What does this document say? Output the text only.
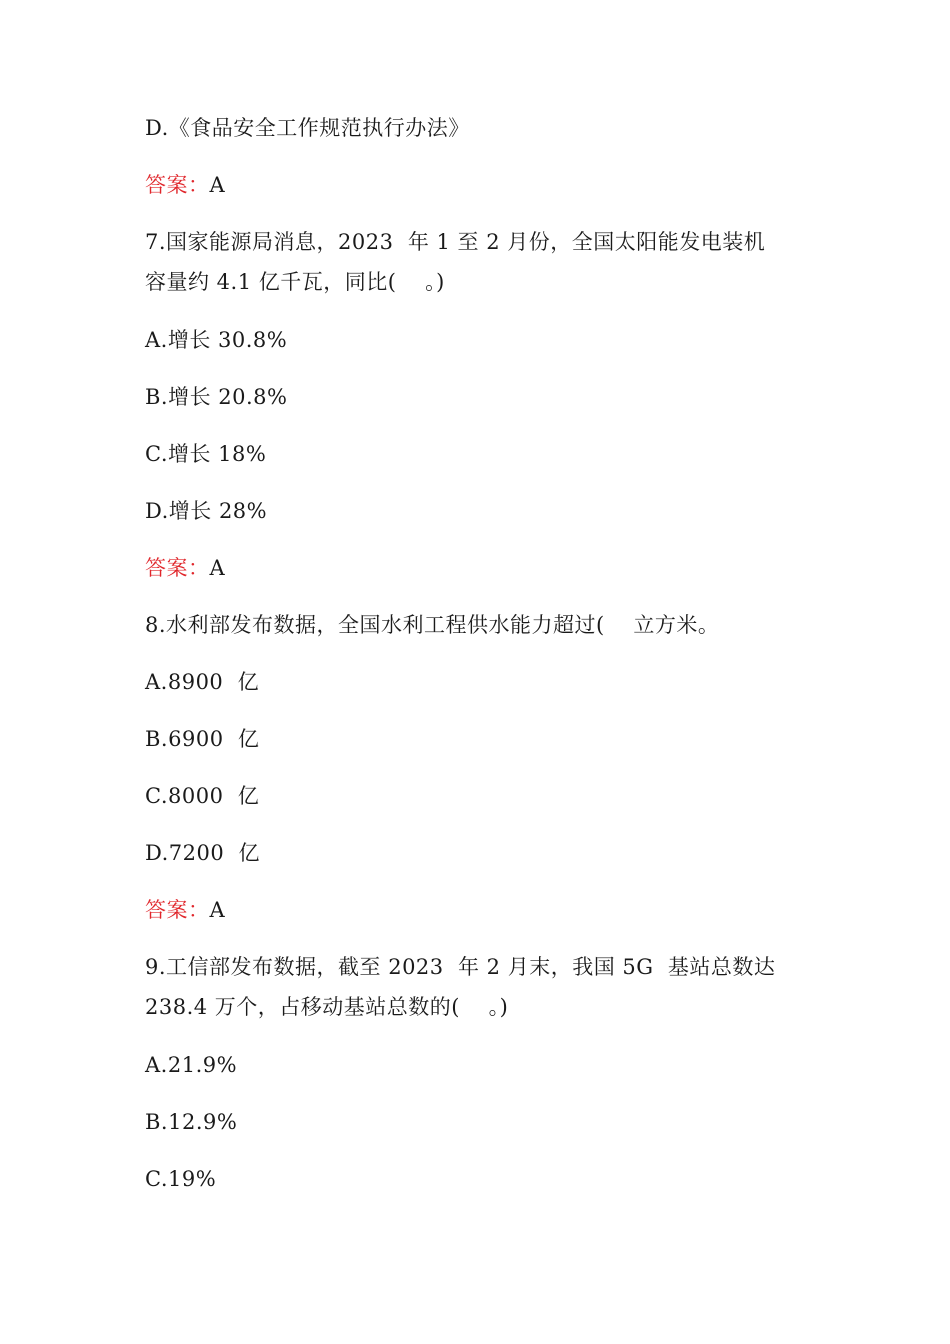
D.《食品安全工作规范执行办法》
答案：A
7.国家能源局消息，2023  年 1 至 2 月份，全国太阳能发电装机
容量约 4.1 亿千瓦，同比(    。)
A.增长 30.8%
B.增长 20.8%
C.增长 18%
D.增长 28%
答案：A
8.水利部发布数据，全国水利工程供水能力超过(    立方米。
A.8900  亿
B.6900  亿
C.8000  亿
D.7200  亿
答案：A
9.工信部发布数据，截至 2023  年 2 月末，我国 5G  基站总数达
238.4 万个，占移动基站总数的(    。)
A.21.9%
B.12.9%
C.19%
